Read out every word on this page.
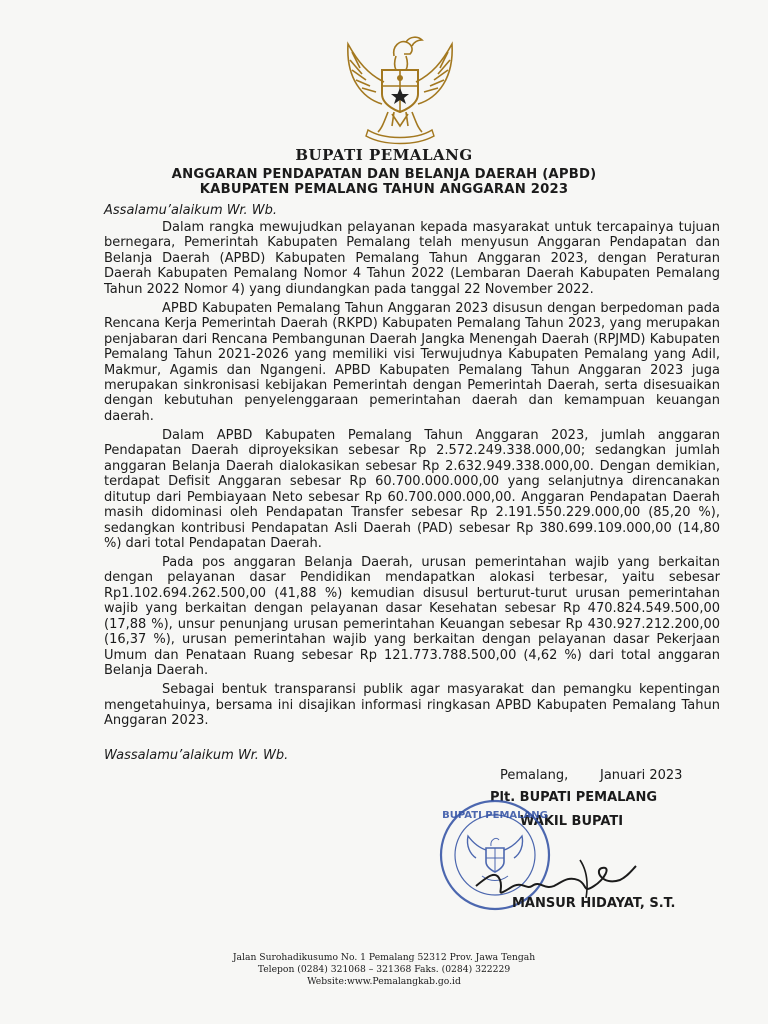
BUPATI PEMALANG
ANGGARAN PENDAPATAN DAN BELANJA DAERAH (APBD)
KABUPATEN PEMALANG TAHUN ANGGARAN 2023
Assalamu’alaikum Wr. Wb.

Dalam rangka mewujudkan pelayanan kepada masyarakat untuk tercapainya tujuan bernegara, Pemerintah Kabupaten Pemalang telah menyusun Anggaran Pendapatan dan Belanja Daerah (APBD) Kabupaten Pemalang Tahun Anggaran 2023, dengan Peraturan Daerah Kabupaten Pemalang Nomor 4 Tahun 2022 (Lembaran Daerah Kabupaten Pemalang Tahun 2022 Nomor 4) yang diundangkan pada tanggal 22 November 2022.

APBD Kabupaten Pemalang Tahun Anggaran 2023 disusun dengan berpedoman pada Rencana Kerja Pemerintah Daerah (RKPD) Kabupaten Pemalang Tahun 2023, yang merupakan penjabaran dari Rencana Pembangunan Daerah Jangka Menengah Daerah (RPJMD) Kabupaten Pemalang Tahun 2021-2026 yang memiliki visi Terwujudnya Kabupaten Pemalang yang Adil, Makmur, Agamis dan Ngangeni. APBD Kabupaten Pemalang Tahun Anggaran 2023 juga merupakan sinkronisasi kebijakan Pemerintah dengan Pemerintah Daerah, serta disesuaikan dengan kebutuhan penyelenggaraan pemerintahan daerah dan kemampuan keuangan daerah.

Dalam APBD Kabupaten Pemalang Tahun Anggaran 2023, jumlah anggaran Pendapatan Daerah diproyeksikan sebesar Rp 2.572.249.338.000,00; sedangkan jumlah anggaran Belanja Daerah dialokasikan sebesar Rp 2.632.949.338.000,00. Dengan demikian, terdapat Defisit Anggaran sebesar Rp 60.700.000.000,00 yang selanjutnya direncanakan ditutup dari Pembiayaan Neto sebesar Rp 60.700.000.000,00. Anggaran Pendapatan Daerah masih didominasi oleh Pendapatan Transfer sebesar Rp 2.191.550.229.000,00 (85,20 %), sedangkan kontribusi Pendapatan Asli Daerah (PAD) sebesar Rp 380.699.109.000,00 (14,80 %) dari total Pendapatan Daerah.

Pada pos anggaran Belanja Daerah, urusan pemerintahan wajib yang berkaitan dengan pelayanan dasar Pendidikan mendapatkan alokasi terbesar, yaitu sebesar Rp1.102.694.262.500,00 (41,88 %) kemudian disusul berturut-turut urusan pemerintahan wajib yang berkaitan dengan pelayanan dasar Kesehatan sebesar Rp 470.824.549.500,00 (17,88 %), unsur penunjang urusan pemerintahan Keuangan sebesar Rp 430.927.212.200,00 (16,37 %), urusan pemerintahan wajib yang berkaitan dengan pelayanan dasar Pekerjaan Umum dan Penataan Ruang sebesar Rp 121.773.788.500,00 (4,62 %) dari total anggaran Belanja Daerah.

Sebagai bentuk transparansi publik agar masyarakat dan pemangku kepentingan mengetahuinya, bersama ini disajikan informasi ringkasan APBD Kabupaten Pemalang Tahun Anggaran 2023.

Wassalamu’alaikum Wr. Wb.
Pemalang, Januari 2023
Plt. BUPATI PEMALANG
WAKIL BUPATI
BUPATI PEMALANG
MANSUR HIDAYAT, S.T.
Jalan Surohadikusumo No. 1 Pemalang 52312 Prov. Jawa Tengah
Telepon (0284) 321068 – 321368 Faks. (0284) 322229
Website:www.Pemalangkab.go.id
